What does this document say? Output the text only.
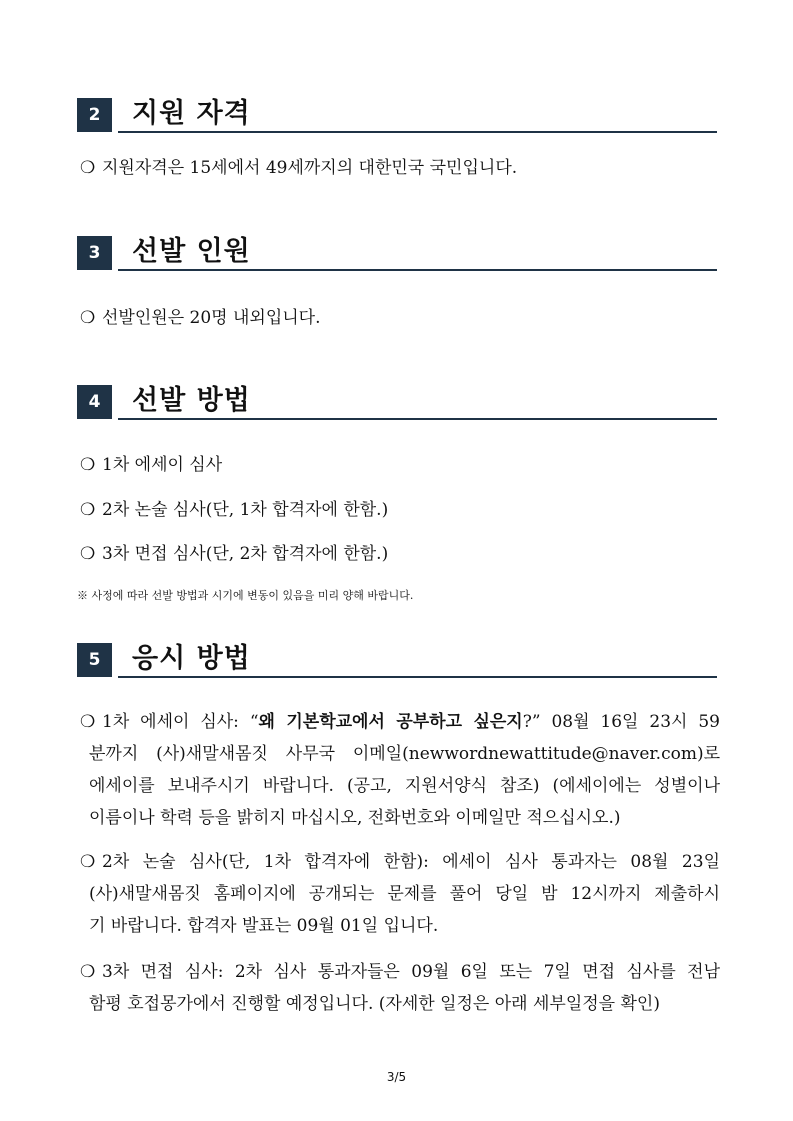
2	지원 자격
❍ 지원자격은 15세에서 49세까지의 대한민국 국민입니다.
3	선발 인원
❍ 선발인원은 20명 내외입니다.
4	선발 방법
❍ 1차 에세이 심사
❍ 2차 논술 심사(단, 1차 합격자에 한함.)
❍ 3차 면접 심사(단, 2차 합격자에 한함.)
※ 사정에 따라 선발 방법과 시기에 변동이 있음을 미리 양해 바랍니다.
5	응시 방법
❍ 1차 에세이 심사: “왜 기본학교에서 공부하고 싶은지?” 08월 16일 23시 59
분까지 (사)새말새몸짓 사무국 이메일(newwordnewattitude@naver.com)로
에세이를 보내주시기 바랍니다. (공고, 지원서양식 참조) (에세이에는 성별이나
이름이나 학력 등을 밝히지 마십시오, 전화번호와 이메일만 적으십시오.)
❍ 2차 논술 심사(단, 1차 합격자에 한함): 에세이 심사 통과자는 08월 23일
(사)새말새몸짓 홈페이지에 공개되는 문제를 풀어 당일 밤 12시까지 제출하시
기 바랍니다. 합격자 발표는 09월 01일 입니다.
❍ 3차 면접 심사: 2차 심사 통과자들은 09월 6일 또는 7일 면접 심사를 전남
함평 호접몽가에서 진행할 예정입니다. (자세한 일정은 아래 세부일정을 확인)
3/5
